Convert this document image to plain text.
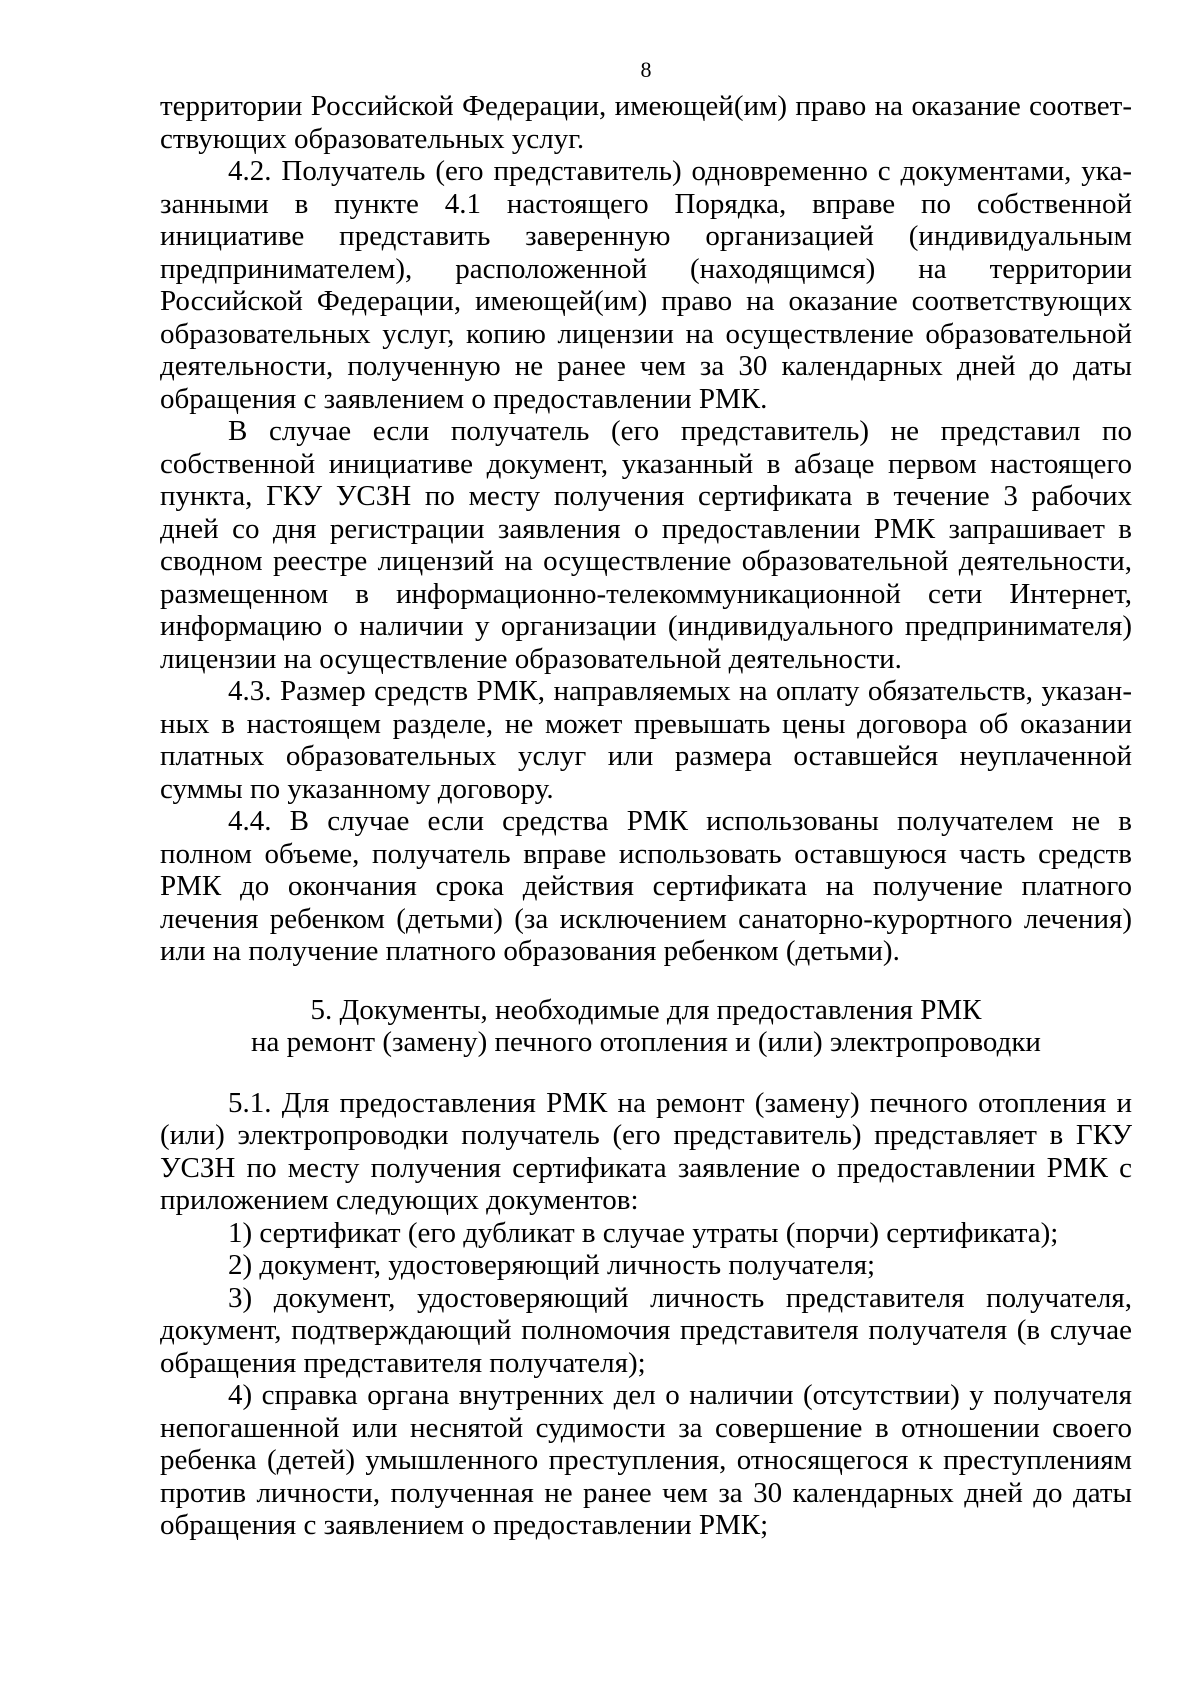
8

территории Российской Федерации, имеющей(им) право на оказание соответствующих образовательных услуг.

4.2. Получатель (его представитель) одновременно с документами, указанными в пункте 4.1 настоящего Порядка, вправе по собственной инициативе представить заверенную организацией (индивидуальным предпринимателем), расположенной (находящимся) на территории Российской Федерации, имеющей(им) право на оказание соответствующих образовательных услуг, копию лицензии на осуществление образовательной деятельности, полученную не ранее чем за 30 календарных дней до даты обращения с заявлением о предоставлении РМК.

В случае если получатель (его представитель) не представил по собственной инициативе документ, указанный в абзаце первом настоящего пункта, ГКУ УСЗН по месту получения сертификата в течение 3 рабочих дней со дня регистрации заявления о предоставлении РМК запрашивает в сводном реестре лицензий на осуществление образовательной деятельности, размещенном в информационно-телекоммуникационной сети Интернет, информацию о наличии у организации (индивидуального предпринимателя) лицензии на осуществление образовательной деятельности.

4.3. Размер средств РМК, направляемых на оплату обязательств, указанных в настоящем разделе, не может превышать цены договора об оказании платных образовательных услуг или размера оставшейся неуплаченной суммы по указанному договору.

4.4. В случае если средства РМК использованы получателем не в полном объеме, получатель вправе использовать оставшуюся часть средств РМК до окончания срока действия сертификата на получение платного лечения ребенком (детьми) (за исключением санаторно-курортного лечения) или на получение платного образования ребенком (детьми).

5. Документы, необходимые для предоставления РМК
на ремонт (замену) печного отопления и (или) электропроводки

5.1. Для предоставления РМК на ремонт (замену) печного отопления и (или) электропроводки получатель (его представитель) представляет в ГКУ УСЗН по месту получения сертификата заявление о предоставлении РМК с приложением следующих документов:

1) сертификат (его дубликат в случае утраты (порчи) сертификата);

2) документ, удостоверяющий личность получателя;

3) документ, удостоверяющий личность представителя получателя, документ, подтверждающий полномочия представителя получателя (в случае обращения представителя получателя);

4) справка органа внутренних дел о наличии (отсутствии) у получателя непогашенной или неснятой судимости за совершение в отношении своего ребенка (детей) умышленного преступления, относящегося к преступлениям против личности, полученная не ранее чем за 30 календарных дней до даты обращения с заявлением о предоставлении РМК;
